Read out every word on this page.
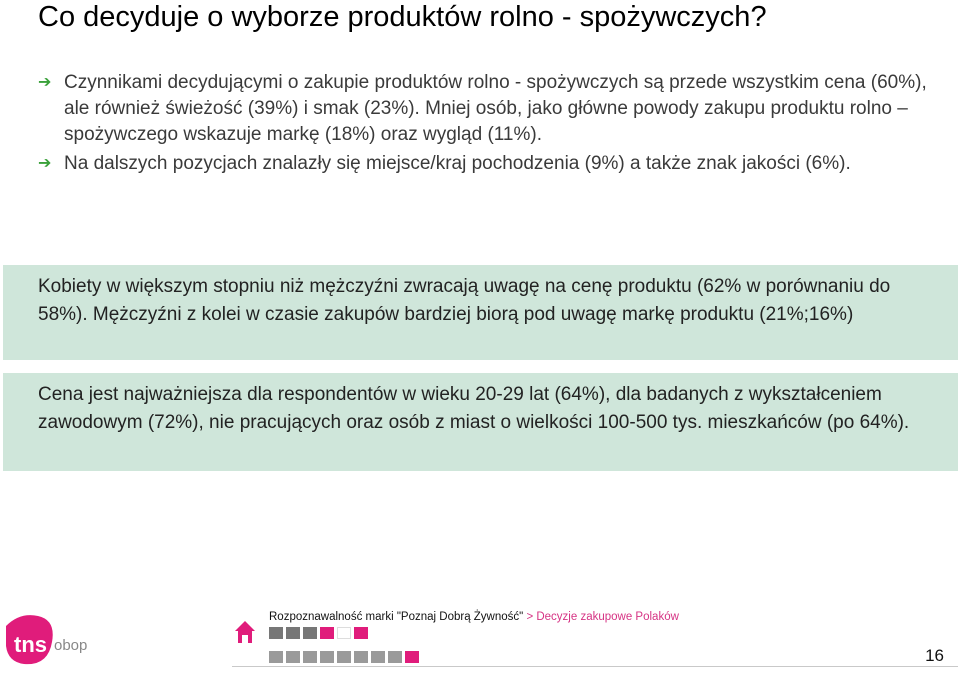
Co decyduje o wyborze produktów rolno - spożywczych?
➔ Czynnikami decydującymi o zakupie produktów rolno - spożywczych są przede wszystkim cena (60%), ale również świeżość (39%) i smak (23%). Mniej osób, jako główne powody zakupu produktu rolno – spożywczego wskazuje markę (18%) oraz wygląd (11%).
➔ Na dalszych pozycjach znalazły się miejsce/kraj pochodzenia (9%) a także znak jakości (6%).
Kobiety w większym stopniu niż mężczyźni zwracają uwagę na cenę produktu (62% w porównaniu do 58%). Mężczyźni z kolei w czasie zakupów bardziej biorą pod uwagę markę produktu (21%;16%)
Cena jest najważniejsza dla respondentów w wieku 20-29 lat (64%), dla badanych z wykształceniem zawodowym (72%), nie pracujących oraz osób z miast o wielkości 100-500 tys. mieszkańców (po 64%).
tns obop
Rozpoznawalność marki "Poznaj Dobrą Żywność" > Decyzje zakupowe Polaków
16
